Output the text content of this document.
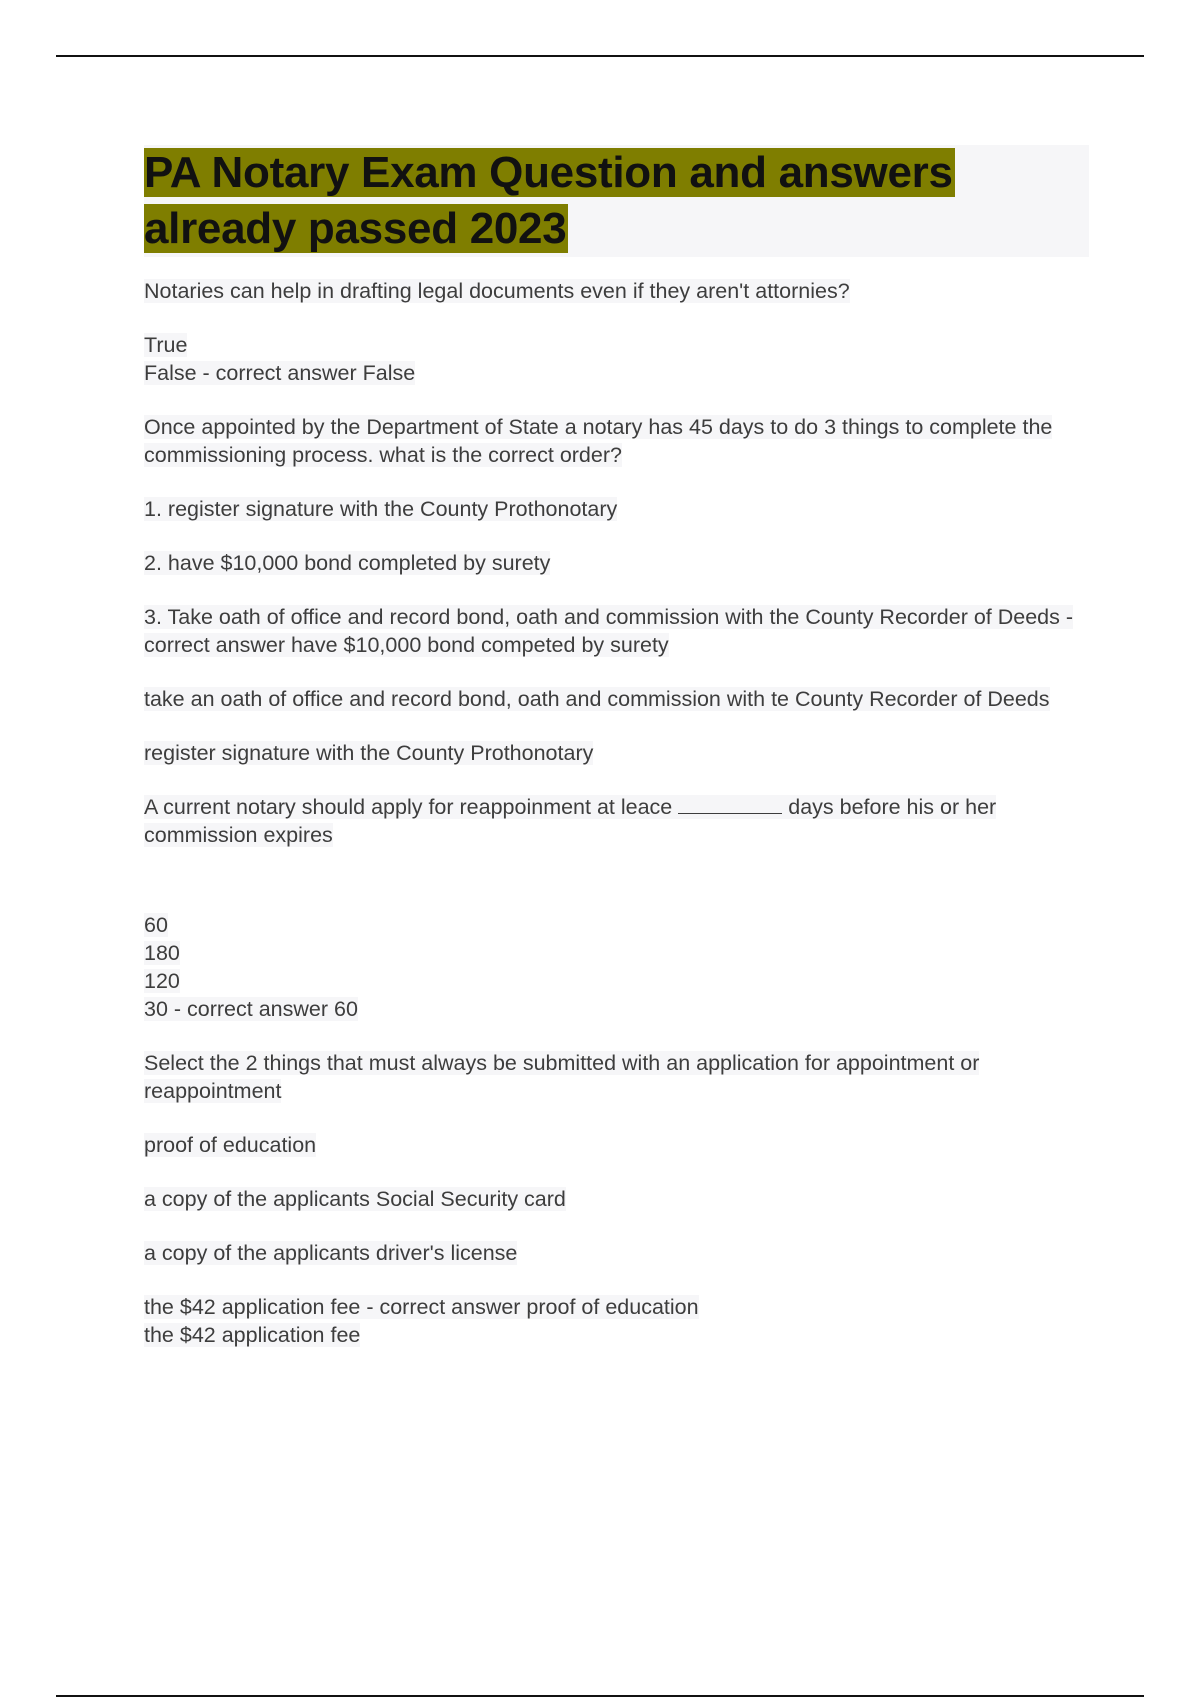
PA Notary Exam Question and answers already passed 2023

Notaries can help in drafting legal documents even if they aren't attornies?

True
False - correct answer False

Once appointed by the Department of State a notary has 45 days to do 3 things to complete the commissioning process. what is the correct order?

1. register signature with the County Prothonotary

2. have $10,000 bond completed by surety

3. Take oath of office and record bond, oath and commission with the County Recorder of Deeds - correct answer have $10,000 bond competed by surety

take an oath of office and record bond, oath and commission with te County Recorder of Deeds

register signature with the County Prothonotary

A current notary should apply for reappoinment at leace	days before his or her commission expires

60
180
120
30 - correct answer 60

Select the 2 things that must always be submitted with an application for appointment or reappointment

proof of education

a copy of the applicants Social Security card

a copy of the applicants driver's license

the $42 application fee - correct answer proof of education
the $42 application fee
